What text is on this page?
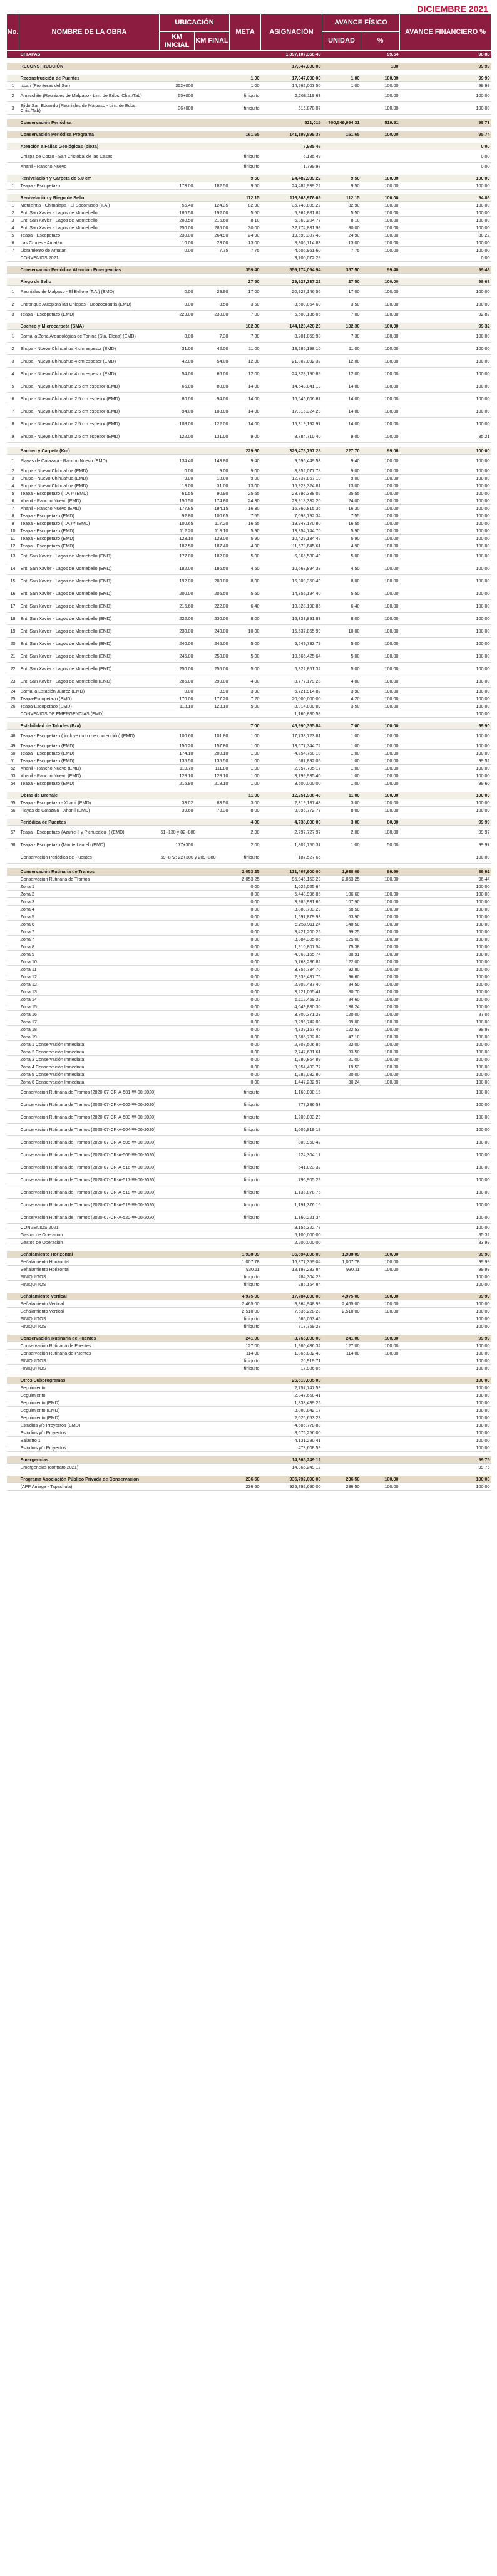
DICIEMBRE 2021
No.	NOMBRE DE LA OBRA	UBICACIÓN		META	ASIGNACIÓN	AVANCE FÍSICO		AVANCE FINANCIERO %
		KM INICIAL	KM FINAL			UNIDAD	%	
	CHIAPAS				1,897,107,358.49		99.54	98.83

	RECONSTRUCCIÓN				17,047,000.00		100	99.99

	Reconstrucción de Puentes			1.00	17,047,000.00	1.00	100.00	99.99
1	Ixcan (Fronteras del Sur)	352+000		1.00	14,262,003.50	1.00	100.00	99.99
2	Amacohite (Reuniales de Malpaso - Lim. de Edos. Chis./Tab)	55+000		finiquito	2,268,119.63		100.00	100.00
3	Ejido San Eduardo (Reuniales de Malpaso - Lim. de Edos. Chis./Tab)	36+000		finiquito	516,878.07		100.00	100.00

	Conservación Periódica				521,015	700,549,994.31	519.51	98.73

	Conservación Periódica Programa			161.65	141,199,899.37	161.65	100.00	95.74

	Atención a Fallas Geológicas (pieza)				7,985.46			0.00
	Chiapa de Corzo - San Cristóbal de las Casas			finiquito	6,185.49			0.00
	Xhanil - Rancho Nuevo			finiquito	1,799.97			0.00

	Renivelación y Carpeta de 5.0 cm			9.50	24,482,939.22	9.50	100.00	100.00
1	Teapa - Escopetazo	173.00	182.50	9.50	24,482,939.22	9.50	100.00	100.00

	Renivelación y Riego de Sello			112.15	116,868,976.69	112.15	100.00	94.86
1	Motozintla - Chimalapa - El Soconusco (T.A.)	55.40	124.35	82.90	35,748,839.22	82.90	100.00	100.00
2	Ent. San Xavier - Lagos de Montebello	186.50	192.00	5.50	5,862,881.82	5.50	100.00	100.00
3	Ent. San Xavier - Lagos de Montebello	208.50	215.60	8.10	6,369,204.77	8.10	100.00	100.00
4	Ent. San Xavier - Lagos de Montebello	250.00	285.00	30.00	32,774,831.98	30.00	100.00	100.00
5	Teapa - Escopetazo	230.00	264.90	24.90	19,599,307.43	24.90	100.00	88.22
6	Las Cruces - Amatán	10.00	23.00	13.00	8,806,714.83	13.00	100.00	100.00
7	Libramiento de Amatán	0.00	7.75	7.75	4,606,961.60	7.75	100.00	100.00
	CONVENIOS 2021				3,700,072.29			0.00

	Conservación Periódica Atención Emergencias			359.40	559,174,094.94	357.50	99.40	99.48

	Riego de Sello			27.50	29,927,337.22	27.50	100.00	98.68
1	Reuniales de Malpaso - El Bellote (T.A.) (EMD)	0.00	28.90	17.00	20,927,146.56	17.00	100.00	100.00
2	Entronque Autopista las Chiapas - Ocozocoautla (EMD)	0.00	3.50	3.50	3,500,054.60	3.50	100.00	100.00
3	Teapa - Escopetazo (EMD)	223.00	230.00	7.00	5,500,136.06	7.00	100.00	92.82

	Bacheo y Microcarpeta (SMA)			102.30	144,126,428.20	102.30	100.00	99.32
1	Barrial a Zona Arqueológica de Tonina (Sta. Elena) (EMD)	0.00	7.30	7.30	8,201,069.90	7.30	100.00	100.00
2	Shupa - Nuevo Chihuahua 4 cm espesor (EMD)	31.00	42.00	11.00	18,286,198.10	11.00	100.00	100.00
3	Shupa - Nuevo Chihuahua 4 cm espesor (EMD)	42.00	54.00	12.00	21,802,092.32	12.00	100.00	100.00
4	Shupa - Nuevo Chihuahua 4 cm espesor (EMD)	54.00	66.00	12.00	24,328,190.89	12.00	100.00	100.00
5	Shupa - Nuevo Chihuahua 2.5 cm espesor (EMD)	66.00	80.00	14.00	14,543,041.13	14.00	100.00	100.00
6	Shupa - Nuevo Chihuahua 2.5 cm espesor (EMD)	80.00	94.00	14.00	16,545,606.87	14.00	100.00	100.00
7	Shupa - Nuevo Chihuahua 2.5 cm espesor (EMD)	94.00	108.00	14.00	17,315,324.29	14.00	100.00	100.00
8	Shupa - Nuevo Chihuahua 2.5 cm espesor (EMD)	108.00	122.00	14.00	15,319,192.97	14.00	100.00	100.00
9	Shupa - Nuevo Chihuahua 2.5 cm espesor (EMD)	122.00	131.00	9.00	8,884,710.40	9.00	100.00	85.21

	Bacheo y Carpeta (Km)			229.60	326,478,797.28	227.70	99.06	100.00
1	Playas de Catazaja - Rancho Nuevo (EMD)	134.40	143.80	9.40	9,595,449.53	9.40	100.00	100.00
2	Shupa - Nuevo Chihuahua (EMD)	0.00	9.00	9.00	8,852,077.78	9.00	100.00	100.00
3	Shupa - Nuevo Chihuahua (EMD)	9.00	18.00	9.00	12,737,867.10	9.00	100.00	100.00
4	Shupa - Nuevo Chihuahua (EMD)	18.00	31.00	13.00	16,923,324.81	13.00	100.00	100.00
5	Teapa - Escopetazo (T.A.)* (EMD)	61.55	90.90	25.55	23,796,338.02	25.55	100.00	100.00
6	Xhanil - Rancho Nuevo (EMD)	150.50	174.80	24.30	23,918,332.20	24.00	100.00	100.00
7	Xhanil - Rancho Nuevo (EMD)	177.85	194.15	16.30	16,860,815.36	16.30	100.00	100.00
8	Teapa - Escopetazo (EMD)	92.80	100.65	7.55	7,098,792.34	7.55	100.00	100.00
9	Teapa - Escopetazo (T.A.)** (EMD)	100.65	117.20	16.55	19,943,170.80	16.55	100.00	100.00
10	Teapa - Escopetazo (EMD)	112.20	118.10	5.90	13,354,744.70	5.90	100.00	100.00
11	Teapa - Escopetazo (EMD)	123.10	129.00	5.90	10,429,134.42	5.90	100.00	100.00
12	Teapa - Escopetazo (EMD)	182.50	187.40	4.90	11,579,645.61	4.90	100.00	100.00
13	Ent. San Xavier - Lagos de Montebello (EMD)	177.00	182.00	5.00	6,865,580.49	5.00	100.00	100.00
14	Ent. San Xavier - Lagos de Montebello (EMD)	182.00	186.50	4.50	10,668,894.38	4.50	100.00	100.00
15	Ent. San Xavier - Lagos de Montebello (EMD)	192.00	200.00	8.00	16,300,350.49	8.00	100.00	100.00
16	Ent. San Xavier - Lagos de Montebello (EMD)	200.00	205.50	5.50	14,355,194.40	5.50	100.00	100.00
17	Ent. San Xavier - Lagos de Montebello (EMD)	215.60	222.00	6.40	10,828,190.86	6.40	100.00	100.00
18	Ent. San Xavier - Lagos de Montebello (EMD)	222.00	230.00	8.00	16,333,891.83	8.00	100.00	100.00
19	Ent. San Xavier - Lagos de Montebello (EMD)	230.00	240.00	10.00	15,537,865.99	10.00	100.00	100.00
20	Ent. San Xavier - Lagos de Montebello (EMD)	240.00	245.00	5.00	6,549,733.79	5.00	100.00	100.00
21	Ent. San Xavier - Lagos de Montebello (EMD)	245.00	250.00	5.00	10,566,425.64	5.00	100.00	100.00
22	Ent. San Xavier - Lagos de Montebello (EMD)	250.00	255.00	5.00	6,822,851.32	5.00	100.00	100.00
23	Ent. San Xavier - Lagos de Montebello (EMD)	286.00	290.00	4.00	8,777,179.28	4.00	100.00	100.00
24	Barrial a Estación Juárez (EMD)	0.00	3.90	3.90	6,721,914.82	3.90	100.00	100.00
25	Teapa-Escopetazo (EMD)	170.00	177.20	7.20	20,000,000.00	4.20	100.00	100.00
26	Teapa-Escopetazo (EMD)	118.10	123.10	5.00	8,014,800.09	3.50	100.00	100.00
	CONVENIOS DE EMERGENCIAS (EMD)				1,160,880.58			100.00

	Estabilidad de Taludes (Pza)			7.00	45,990,355.84	7.00	100.00	99.90
48	Teapa - Escopetazo ( incluye muro de contención) (EMD)	100.60	101.80	1.00	17,733,723.81	1.00	100.00	100.00
49	Teapa - Escopetazo (EMD)	150.20	157.80	1.00	13,677,344.72	1.00	100.00	100.00
50	Teapa - Escopetazo (EMD)	174.10	203.10	1.00	4,254,750.19	1.00	100.00	100.00
51	Teapa - Escopetazo (EMD)	135.50	135.50	1.00	687,892.05	1.00	100.00	99.52
52	Xhanil - Rancho Nuevo (EMD)	110.70	111.80	1.00	2,957,705.17	1.00	100.00	100.00
53	Xhanil - Rancho Nuevo (EMD)	128.10	128.10	1.00	3,799,935.40	1.00	100.00	100.00
54	Teapa - Escopetazo (EMD)	216.80	218.10	1.00	3,500,000.00	1.00	100.00	99.60

	Obras de Drenaje			11.00	12,251,986.40	11.00	100.00	100.00
55	Teapa - Escopetazo - Xhanil (EMD)	33.02	83.50	3.00	2,319,137.48	3.00	100.00	100.00
56	Playas de Catazaja - Xhanil (EMD)	39.60	73.30	8.00	9,895,772.77	8.00	100.00	100.00

	Periódica de Puentes			4.00	4,738,000.00	3.00	80.00	99.99
57	Teapa - Escopetazo (Azufre II y Pichucalco I) (EMD)	61+130 y 82+800		2.00	2,797,727.97	2.00	100.00	99.97
58	Teapa - Escopetazo (Monte Laurel) (EMD)	177+300		2.00	1,802,750.37	1.00	50.00	99.97
	Conservación Periódica de Puentes	69+872; 22+300 y 209+380		finiquito	187,527.66			100.00

	Conservación Rutinaria de Tramos			2,053.25	131,407,900.00	1,938.09	99.99	89.92
	Conservación Rutinaria de Tramos			2,053.25	95,946,153.23	2,053.25	100.00	96.44
	Zona 1			0.00	1,025,025.64			100.00
	Zona 2			0.00	5,448,996.86	106.60	100.00	100.00
	Zona 3			0.00	3,985,931.66	107.90	100.00	100.00
	Zona 4			0.00	3,880,703.23	58.50	100.00	100.00
	Zona 5			0.00	1,597,879.93	63.90	100.00	100.00
	Zona 6			0.00	5,258,911.24	140.50	100.00	100.00
	Zona 7			0.00	3,421,200.25	99.25	100.00	100.00
	Zona 7			0.00	3,384,305.06	125.00	100.00	100.00
	Zona 8			0.00	1,910,807.54	75.38	100.00	100.00
	Zona 9			0.00	4,963,155.74	30.91	100.00	100.00
	Zona 10			0.00	5,763,286.82	122.00	100.00	100.00
	Zona 11			0.00	3,355,734.70	92.80	100.00	100.00
	Zona 12			0.00	2,939,487.75	96.60	100.00	100.00
	Zona 12			0.00	2,902,437.40	84.50	100.00	100.00
	Zona 13			0.00	3,221,065.41	80.70	100.00	100.00
	Zona 14			0.00	5,112,459.28	84.60	100.00	100.00
	Zona 15			0.00	4,049,880.30	138.24	100.00	100.00
	Zona 16			0.00	3,800,371.23	120.00	100.00	87.05
	Zona 17			0.00	3,296,742.08	99.00	100.00	100.00
	Zona 18			0.00	4,339,167.49	122.53	100.00	99.98
	Zona 19			0.00	3,585,782.82	47.10	100.00	100.00
	Zona 1 Conservación Inmediata			0.00	2,708,506.86	22.00	100.00	100.00
	Zona 2 Conservación Inmediata			0.00	2,747,681.61	33.50	100.00	100.00
	Zona 3 Conservación Inmediata			0.00	1,280,864.89	21.00	100.00	100.00
	Zona 4 Conservación Inmediata			0.00	3,954,403.77	19.53	100.00	100.00
	Zona 5 Conservación Inmediata			0.00	1,282,082.80	20.00	100.00	100.00
	Zona 6 Conservación Inmediata			0.00	1,447,282.97	30.24	100.00	100.00
	Conservación Rutinaria de Tramos (2020-07-CR-A-501-W-00-2020)			finiquito	1,160,890.16			100.00
	Conservación Rutinaria de Tramos (2020-07-CR-A-502-W-00-2020)			finiquito	777,336.53			100.00
	Conservación Rutinaria de Tramos (2020-07-CR-A-503-W-00-2020)			finiquito	1,200,803.29			100.00
	Conservación Rutinaria de Tramos (2020-07-CR-A-504-W-00-2020)			finiquito	1,005,819.18			100.00
	Conservación Rutinaria de Tramos (2020-07-CR-A-505-W-00-2020)			finiquito	800,950.42			100.00
	Conservación Rutinaria de Tramos (2020-07-CR-A-506-W-00-2020)			finiquito	224,304.17			100.00
	Conservación Rutinaria de Tramos (2020-07-CR-A-516-W-00-2020)			finiquito	641,023.32			100.00
	Conservación Rutinaria de Tramos (2020-07-CR-A-517-W-00-2020)			finiquito	796,905.28			100.00
	Conservación Rutinaria de Tramos (2020-07-CR-A-518-W-00-2020)			finiquito	1,136,878.76			100.00
	Conservación Rutinaria de Tramos (2020-07-CR-A-519-W-00-2020)			finiquito	1,191,376.16			100.00
	Conservación Rutinaria de Tramos (2020-07-CR-A-520-W-00-2020)			finiquito	1,160,221.34			100.00
	CONVENIOS 2021				9,155,322.77			100.00
	Gastos de Operación				6,100,000.00			85.32
	Gastos de Operación				2,200,000.00			83.99

	Señalamiento Horizontal			1,938.09	35,594,006.00	1,938.09	100.00	99.98
	Señalamiento Horizontal			1,007.78	16,877,359.04	1,007.78	100.00	99.99
	Señalamiento Horizontal			930.11	18,197,233.84	930.11	100.00	99.99
	FINIQUITOS			finiquito	284,304.29			100.00
	FINIQUITOS			finiquito	285,164.84			100.00

	Señalamiento Vertical			4,975.00	17,784,000.00	4,975.00	100.00	99.99
	Señalamiento Vertical			2,465.00	8,864,948.99	2,465.00	100.00	100.00
	Señalamiento Vertical			2,510.00	7,636,228.28	2,510.00	100.00	100.00
	FINIQUITOS			finiquito	565,063.45			100.00
	FINIQUITOS			finiquito	717,759.28			100.00

	Conservación Rutinaria de Puentes			241.00	3,765,000.00	241.00	100.00	99.99
	Conservación Rutinaria de Puentes			127.00	1,980,486.32	127.00	100.00	100.00
	Conservación Rutinaria de Puentes			114.00	1,865,882.49	114.00	100.00	100.00
	FINIQUITOS			finiquito	20,919.71			100.00
	FINIQUITOS			finiquito	17,986.06			100.00

	Otros Subprogramas				26,519,605.00			100.00
	Seguimiento				2,757,747.59			100.00
	Seguimiento				2,847,658.41			100.00
	Seguimiento (EMD)				1,833,439.25			100.00
	Seguimiento (EMD)				3,800,042.17			100.00
	Seguimiento (EMD)				2,026,653.23			100.00
	Estudios y/o Proyectos (EMD)				4,506,778.88			100.00
	Estudios y/o Proyectos				8,676,256.00			100.00
	Balastro 1				4,131,290.41			100.00
	Estudios y/o Proyectos				473,608.59			100.00

	Emergencias				14,365,249.12			99.75
	Emergencias (contrato 2021)				14,365,249.12			99.75

	Programa Asociación Público Privada de Conservación			236.50	935,792,690.00	236.50	100.00	100.00
	(APP Arriaga - Tapachula)			236.50	935,792,690.00	236.50	100.00	100.00
